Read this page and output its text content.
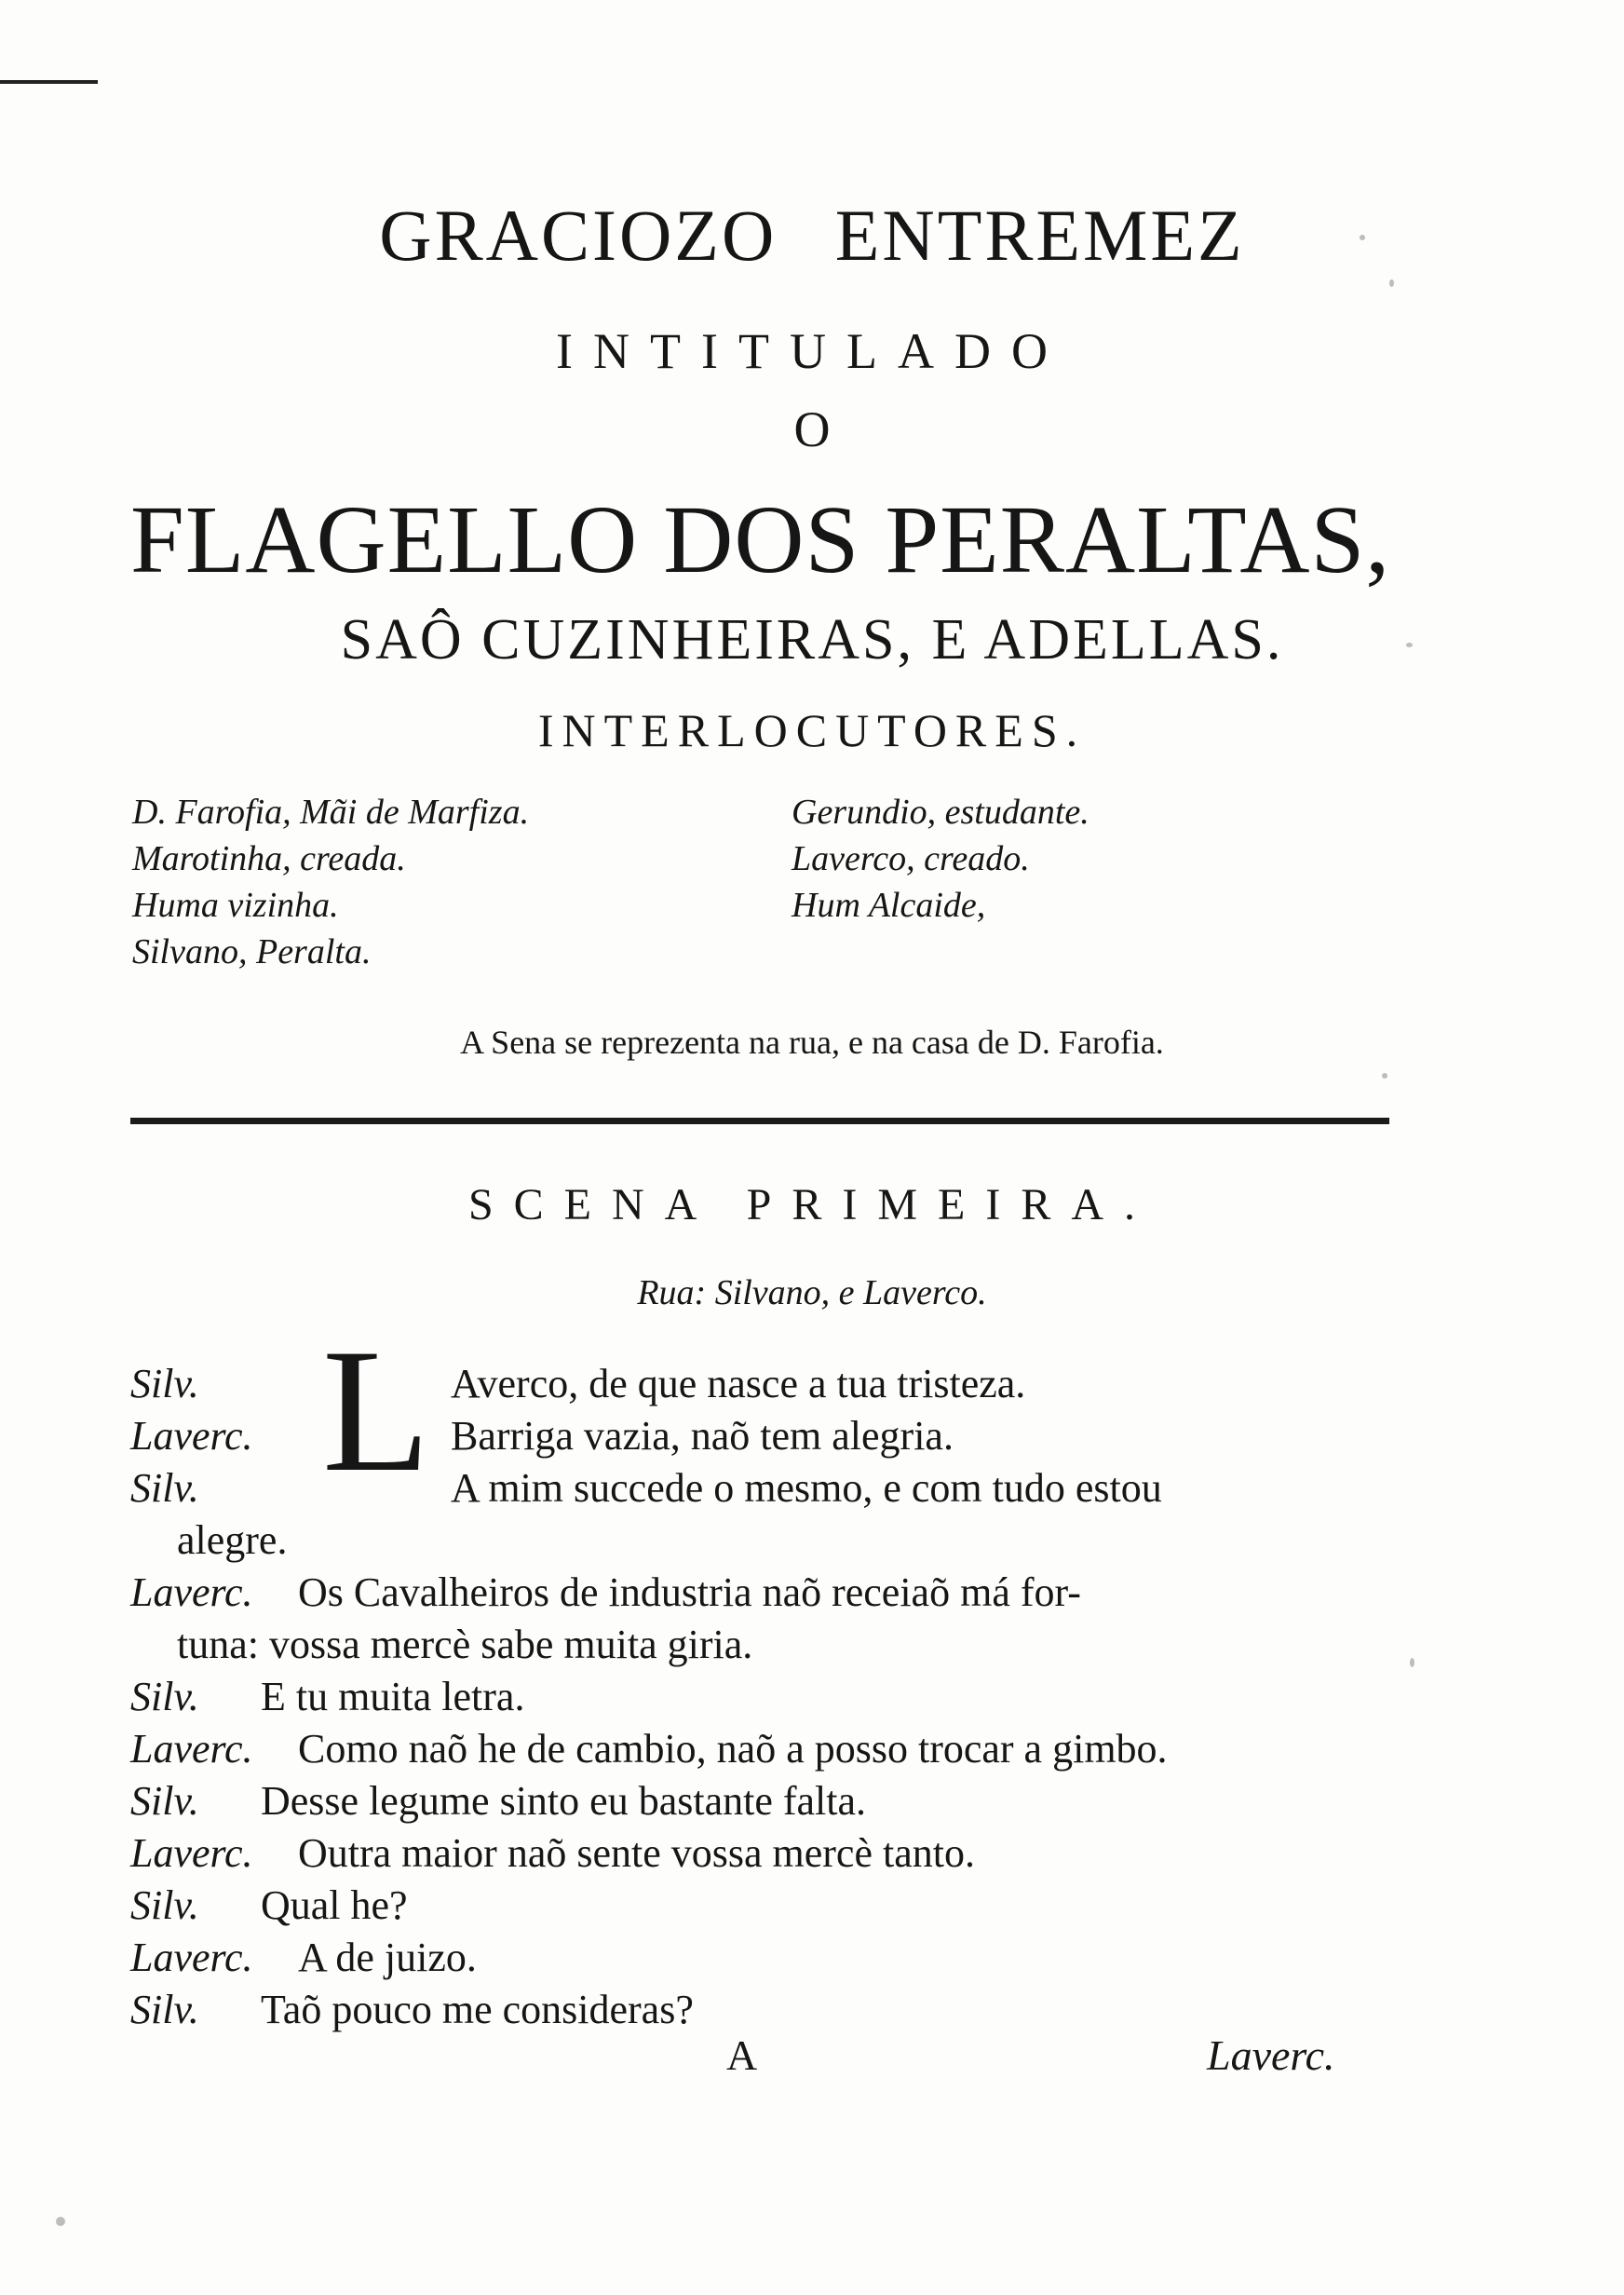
GRACIOZO ENTREMEZ
INTITULADO
O
FLAGELLO DOS PERALTAS,
SAÔ CUZINHEIRAS, E ADELLAS.
INTERLOCUTORES.
D. Farofia, Mãi de Marfiza.
Marotinha, creada.
Huma vizinha.
Silvano, Peralta.
Gerundio, estudante.
Laverco, creado.
Hum Alcaide,
A Sena se reprezenta na rua, e na casa de D. Farofia.
SCENA PRIMEIRA.
Rua: Silvano, e Laverco.
L
Silv.	Averco, de que nasce a tua tristeza.
Laverc.	Barriga vazia, naõ tem alegria.
Silv.	A mim succede o mesmo, e com tudo estou
alegre.
Laverc. Os Cavalheiros de industria naõ receiaõ má for-
tuna: vossa mercè sabe muita giria.
Silv. E tu muita letra.
Laverc. Como naõ he de cambio, naõ a posso trocar a gimbo.
Silv. Desse legume sinto eu bastante falta.
Laverc. Outra maior naõ sente vossa mercè tanto.
Silv. Qual he?
Laverc. A de juizo.
Silv. Taõ pouco me consideras?
A	Laverc.
